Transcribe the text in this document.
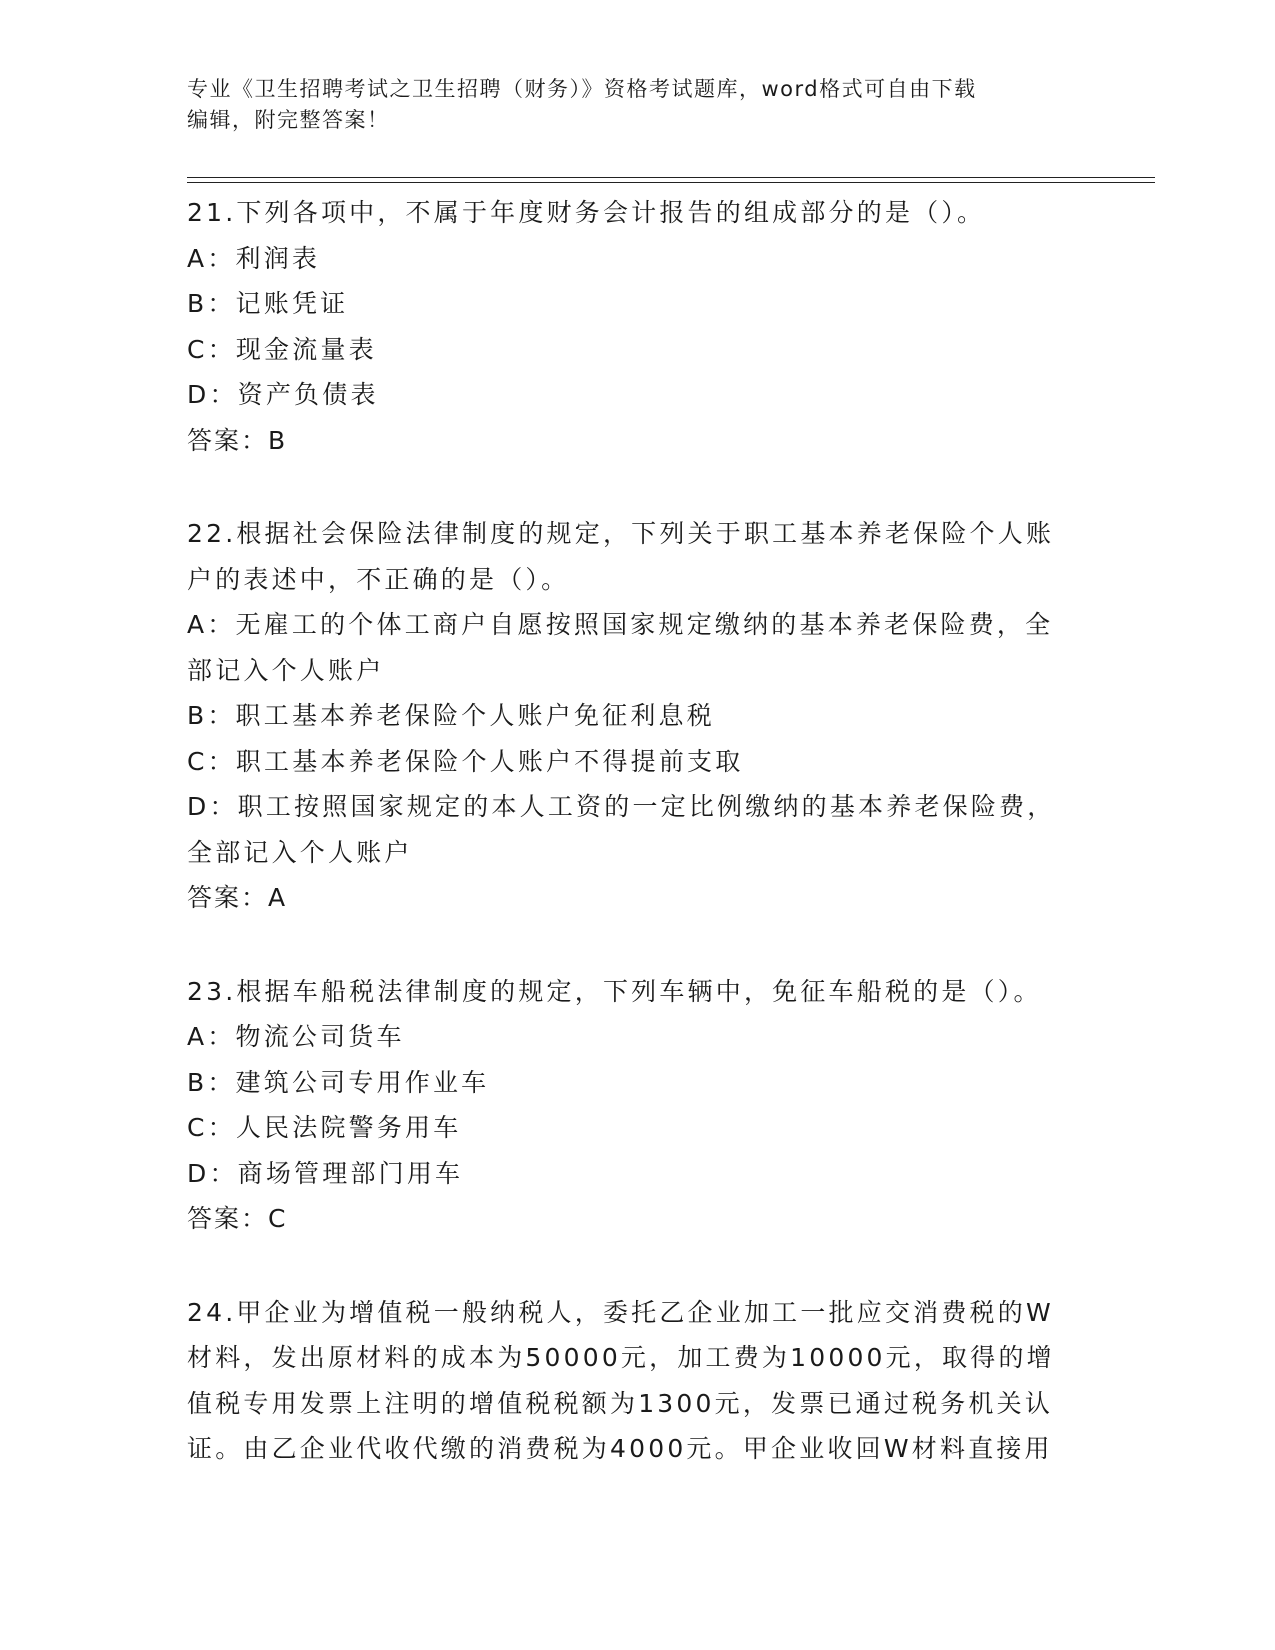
专业《卫生招聘考试之卫生招聘（财务）》资格考试题库，word格式可自由下载
编辑，附完整答案！

21.下列各项中，不属于年度财务会计报告的组成部分的是（）。

A：利润表

B：记账凭证

C：现金流量表

D：资产负债表

答案：B

22.根据社会保险法律制度的规定，下列关于职工基本养老保险个人账

户的表述中，不正确的是（）。

A：无雇工的个体工商户自愿按照国家规定缴纳的基本养老保险费，全

部记入个人账户

B：职工基本养老保险个人账户免征利息税

C：职工基本养老保险个人账户不得提前支取

D：职工按照国家规定的本人工资的一定比例缴纳的基本养老保险费，

全部记入个人账户

答案：A

23.根据车船税法律制度的规定，下列车辆中，免征车船税的是（）。

A：物流公司货车

B：建筑公司专用作业车

C：人民法院警务用车

D：商场管理部门用车

答案：C

24.甲企业为增值税一般纳税人，委托乙企业加工一批应交消费税的W

材料，发出原材料的成本为50000元，加工费为10000元，取得的增

值税专用发票上注明的增值税税额为1300元，发票已通过税务机关认

证。由乙企业代收代缴的消费税为4000元。甲企业收回W材料直接用
